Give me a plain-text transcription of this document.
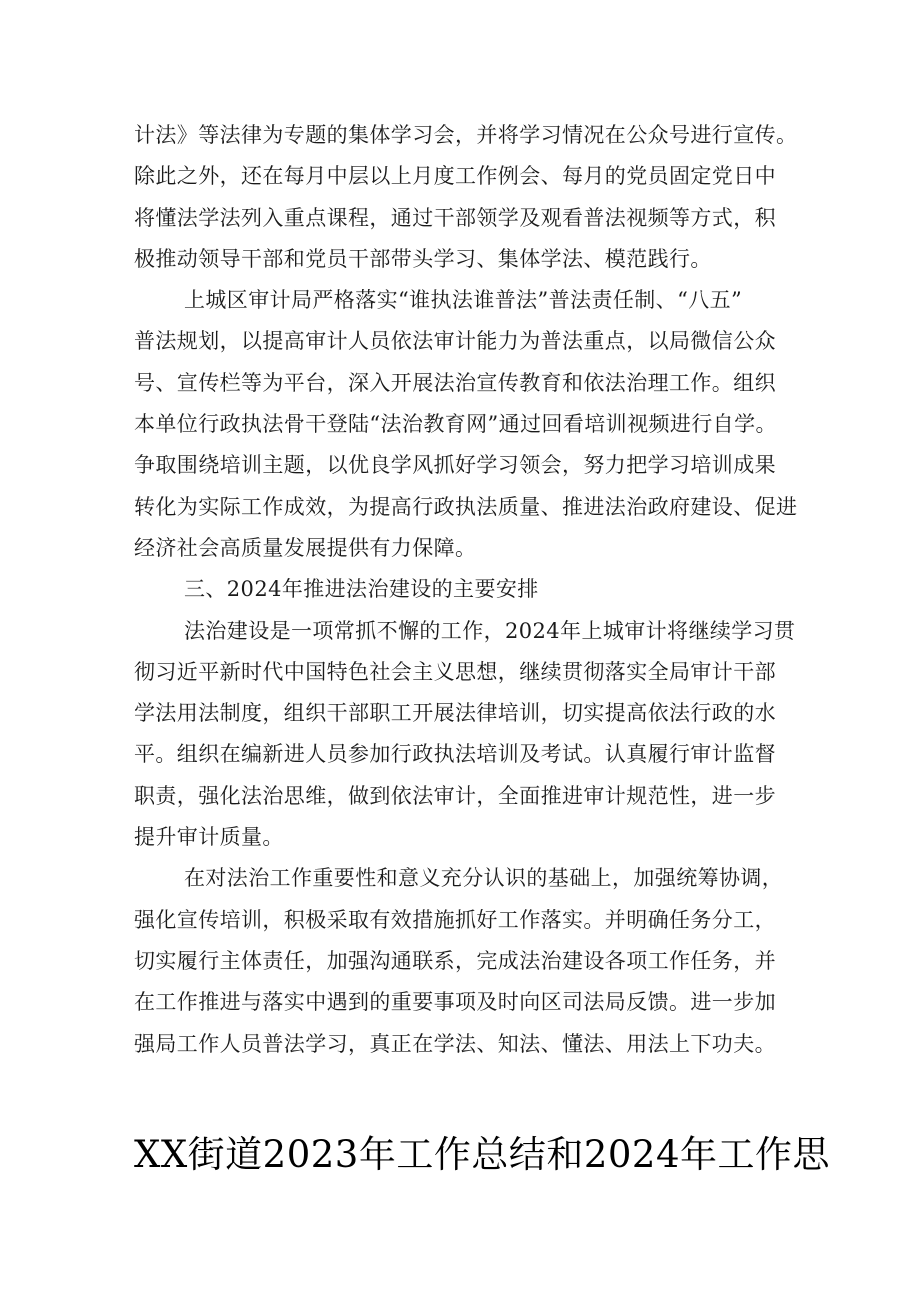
计法》等法律为专题的集体学习会，并将学习情况在公众号进行宣传。
除此之外，还在每月中层以上月度工作例会、每月的党员固定党日中
将懂法学法列入重点课程，通过干部领学及观看普法视频等方式，积
极推动领导干部和党员干部带头学习、集体学法、模范践行。
上城区审计局严格落实“谁执法谁普法”普法责任制、“八五”
普法规划，以提高审计人员依法审计能力为普法重点，以局微信公众
号、宣传栏等为平台，深入开展法治宣传教育和依法治理工作。组织
本单位行政执法骨干登陆“法治教育网”通过回看培训视频进行自学。
争取围绕培训主题，以优良学风抓好学习领会，努力把学习培训成果
转化为实际工作成效，为提高行政执法质量、推进法治政府建设、促进
经济社会高质量发展提供有力保障。
三、2024年推进法治建设的主要安排
法治建设是一项常抓不懈的工作，2024年上城审计将继续学习贯
彻习近平新时代中国特色社会主义思想，继续贯彻落实全局审计干部
学法用法制度，组织干部职工开展法律培训，切实提高依法行政的水
平。组织在编新进人员参加行政执法培训及考试。认真履行审计监督
职责，强化法治思维，做到依法审计，全面推进审计规范性，进一步
提升审计质量。
在对法治工作重要性和意义充分认识的基础上，加强统筹协调，
强化宣传培训，积极采取有效措施抓好工作落实。并明确任务分工，
切实履行主体责任，加强沟通联系，完成法治建设各项工作任务，并
在工作推进与落实中遇到的重要事项及时向区司法局反馈。进一步加
强局工作人员普法学习，真正在学法、知法、懂法、用法上下功夫。
XX街道2023年工作总结和2024年工作思
